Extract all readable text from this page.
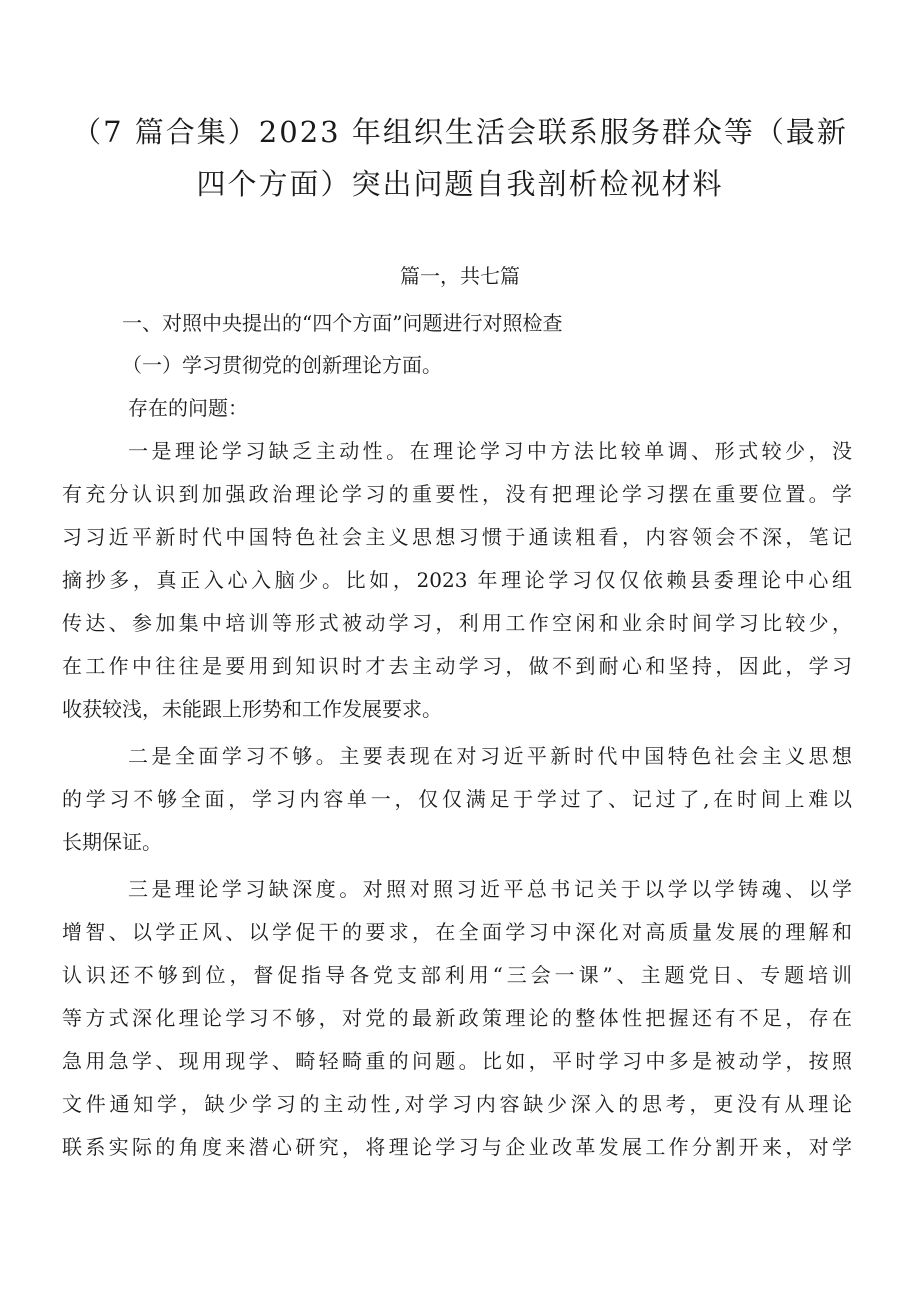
（7 篇合集）2023 年组织生活会联系服务群众等（最新
四个方面）突出问题自我剖析检视材料
篇一，共七篇
一、对照中央提出的“四个方面”问题进行对照检查
（一）学习贯彻党的创新理论方面。
存在的问题：
一是理论学习缺乏主动性。在理论学习中方法比较单调、形式较少，没
有充分认识到加强政治理论学习的重要性，没有把理论学习摆在重要位置。学
习习近平新时代中国特色社会主义思想习惯于通读粗看，内容领会不深，笔记
摘抄多，真正入心入脑少。比如，2023 年理论学习仅仅依赖县委理论中心组
传达、参加集中培训等形式被动学习，利用工作空闲和业余时间学习比较少，
在工作中往往是要用到知识时才去主动学习，做不到耐心和坚持，因此，学习
收获较浅，未能跟上形势和工作发展要求。
二是全面学习不够。主要表现在对习近平新时代中国特色社会主义思想
的学习不够全面，学习内容单一，仅仅满足于学过了、记过了,在时间上难以
长期保证。
三是理论学习缺深度。对照对照习近平总书记关于以学以学铸魂、以学
增智、以学正风、以学促干的要求，在全面学习中深化对高质量发展的理解和
认识还不够到位，督促指导各党支部利用“三会一课”、主题党日、专题培训
等方式深化理论学习不够，对党的最新政策理论的整体性把握还有不足，存在
急用急学、现用现学、畸轻畸重的问题。比如，平时学习中多是被动学，按照
文件通知学，缺少学习的主动性,对学习内容缺少深入的思考，更没有从理论
联系实际的角度来潜心研究，将理论学习与企业改革发展工作分割开来，对学
